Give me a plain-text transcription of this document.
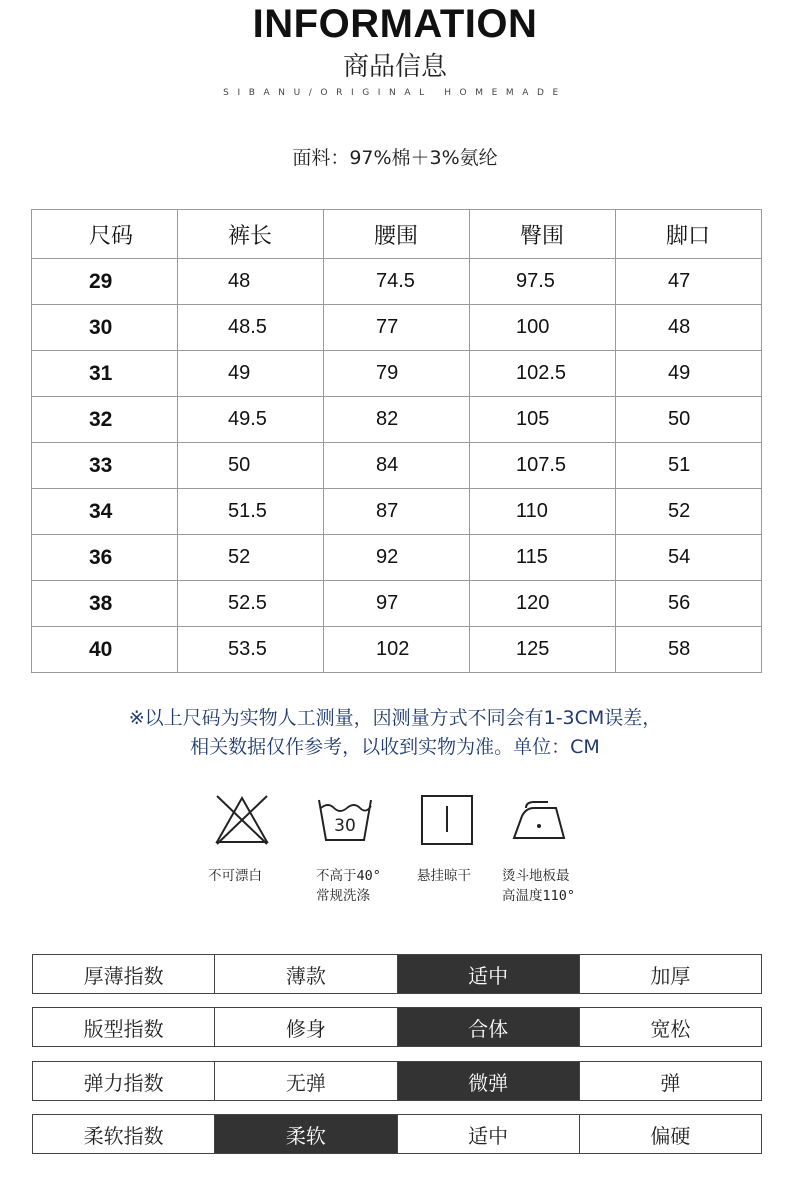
INFORMATION
商品信息
SIBANU/ORIGINAL HOMEMADE
面料：97%棉＋3%氨纶
尺码	裤长	腰围	臀围	脚口
29	48	74.5	97.5	47
30	48.5	77	100	48
31	49	79	102.5	49
32	49.5	82	105	50
33	50	84	107.5	51
34	51.5	87	110	52
36	52	92	115	54
38	52.5	97	120	56
40	53.5	102	125	58
※以上尺码为实物人工测量，因测量方式不同会有1-3CM误差，
相关数据仅作参考，以收到实物为准。单位：CM
30
不可漂白	不高于40°
常规洗涤
悬挂晾干 烫斗地板最
高温度110°
厚薄指数	薄款	适中	加厚
版型指数	修身	合体	宽松
弹力指数	无弹	微弹	弹
柔软指数	柔软	适中	偏硬
